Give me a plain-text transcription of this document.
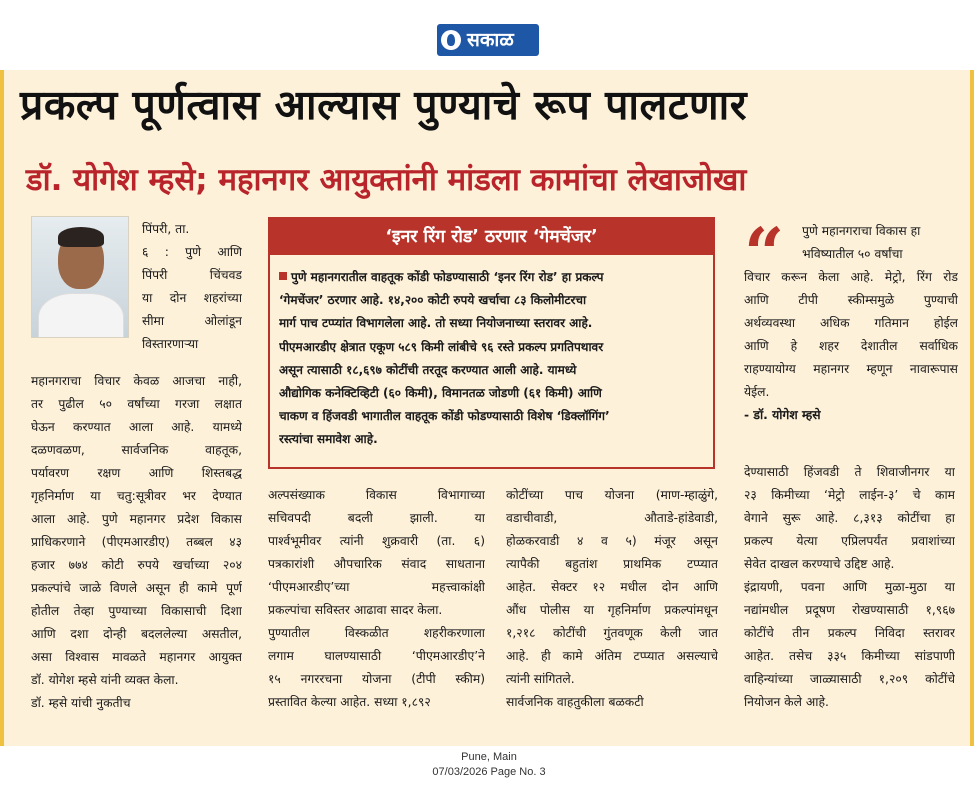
सकाळ
प्रकल्प पूर्णत्वास आल्यास पुण्याचे रूप पालटणार
डॉ. योगेश म्हसे; महानगर आयुक्तांनी मांडला कामांचा लेखाजोखा
पिंपरी, ता.
६ : पुणे आणि
पिंपरी चिंचवड
या दोन शहरांच्या
सीमा ओलांडून
विस्तारणाऱ्या
महानगराचा विचार केवळ आजचा नाही,
तर पुढील ५० वर्षांच्या गरजा लक्षात
घेऊन करण्यात आला आहे. यामध्ये
दळणवळण, सार्वजनिक वाहतूक,
पर्यावरण रक्षण आणि शिस्तबद्ध
गृहनिर्माण या चतु:सूत्रीवर भर देण्यात
आला आहे. पुणे महानगर प्रदेश विकास
प्राधिकरणाने (पीएमआरडीए) तब्बल ४३
हजार ७७४ कोटी रुपये खर्चाच्या २०४
प्रकल्पांचे जाळे विणले असून ही कामे पूर्ण
होतील तेव्हा पुण्याच्या विकासाची दिशा
आणि दशा दोन्ही बदललेल्या असतील,
असा विश्वास मावळते महानगर आयुक्त
डॉ. योगेश म्हसे यांनी व्यक्त केला.
डॉ. म्हसे यांची नुकतीच
‘इनर रिंग रोड’ ठरणार ‘गेमचेंजर’
पुणे महानगरातील वाहतूक कोंडी फोडण्यासाठी ‘इनर रिंग रोड’ हा प्रकल्प
‘गेमचेंजर’ ठरणार आहे. १४,२०० कोटी रुपये खर्चाचा ८३ किलोमीटरचा
मार्ग पाच टप्प्यांत विभागलेला आहे. तो सध्या नियोजनाच्या स्तरावर आहे.
पीएमआरडीए क्षेत्रात एकूण ५८९ किमी लांबीचे ९६ रस्ते प्रकल्प प्रगतिपथावर
असून त्यासाठी १८,६९७ कोटींची तरतूद करण्यात आली आहे. यामध्ये
औद्योगिक कनेक्टिव्हिटी (६० किमी), विमानतळ जोडणी (६१ किमी) आणि
चाकण व हिंजवडी भागातील वाहतूक कोंडी फोडण्यासाठी विशेष ‘डिक्लॉगिंग’
रस्त्यांचा समावेश आहे.
अल्पसंख्याक विकास विभागाच्या
सचिवपदी बदली झाली. या
पार्श्वभूमीवर त्यांनी शुक्रवारी (ता. ६)
पत्रकारांशी औपचारिक संवाद साधताना
‘पीएमआरडीए’च्या महत्त्वाकांक्षी
प्रकल्पांचा सविस्तर आढावा सादर केला.
पुण्यातील विस्कळीत शहरीकरणाला
लगाम घालण्यासाठी ‘पीएमआरडीए’ने
१५ नगररचना योजना (टीपी स्कीम)
प्रस्तावित केल्या आहेत. सध्या १,८९२
कोटींच्या पाच योजना (माण-म्हाळुंगे,
वडाचीवाडी, औताडे-हांडेवाडी,
होळकरवाडी ४ व ५) मंजूर असून
त्यापैकी बहुतांश प्राथमिक टप्प्यात
आहेत. सेक्टर १२ मधील दोन आणि
औंध पोलीस या गृहनिर्माण प्रकल्पांमधून
१,२१८ कोटींची गुंतवणूक केली जात
आहे. ही कामे अंतिम टप्प्यात असल्याचे
त्यांनी सांगितले.
सार्वजनिक वाहतुकीला बळकटी
“ पुणे महानगराचा विकास हा
भविष्यातील ५० वर्षांचा
विचार करून केला आहे. मेट्रो, रिंग रोड
आणि टीपी स्कीम्समुळे पुण्याची
अर्थव्यवस्था अधिक गतिमान होईल
आणि हे शहर देशातील सर्वाधिक
राहण्यायोग्य महानगर म्हणून नावारूपास
येईल.
- डॉ. योगेश म्हसे
देण्यासाठी हिंजवडी ते शिवाजीनगर या
२३ किमीच्या ‘मेट्रो लाईन-३’ चे काम
वेगाने सुरू आहे. ८,३१३ कोटींचा हा
प्रकल्प येत्या एप्रिलपर्यंत प्रवाशांच्या
सेवेत दाखल करण्याचे उद्दिष्ट आहे.
इंद्रायणी, पवना आणि मुळा-मुठा या
नद्यांमधील प्रदूषण रोखण्यासाठी १,९६७
कोटींचे तीन प्रकल्प निविदा स्तरावर
आहेत. तसेच ३३५ किमीच्या सांडपाणी
वाहिन्यांच्या जाळ्यासाठी १,२०९ कोटींचे
नियोजन केले आहे.
Pune, Main
07/03/2026 Page No. 3
